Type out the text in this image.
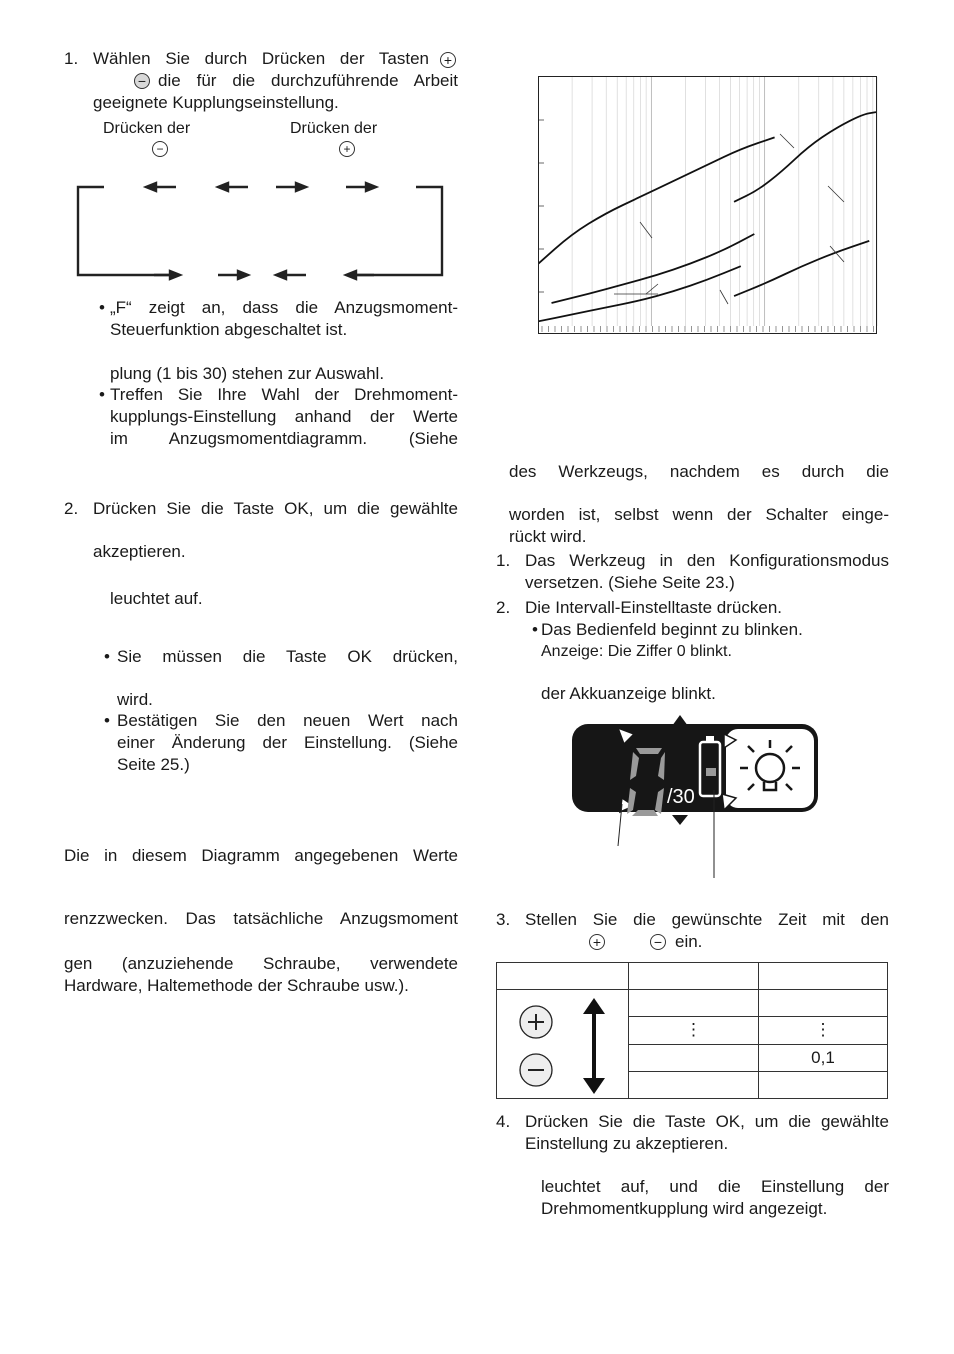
1. Wählen Sie durch Drücken der Tasten +
− die für die durchzuführende Arbeit
geeignete Kupplungseinstellung.
Drücken der	Drücken der
−	+
• „F“ zeigt an, dass die Anzugsmoment-
Steuerfunktion abgeschaltet ist.
plung (1 bis 30) stehen zur Auswahl.
• Treffen Sie Ihre Wahl der Drehmoment-
kupplungs-Einstellung anhand der Werte
im Anzugsmomentdiagramm. (Siehe
2. Drücken Sie die Taste OK, um die gewählte
akzeptieren.
leuchtet auf.
• Sie müssen die Taste OK drücken,
wird.
• Bestätigen Sie den neuen Wert nach
einer Änderung der Einstellung. (Siehe
Seite 25.)
Die in diesem Diagramm angegebenen Werte
renzzwecken. Das tatsächliche Anzugsmoment
gen (anzuziehende Schraube, verwendete
Hardware, Haltemethode der Schraube usw.).
des Werkzeugs, nachdem es durch die
worden ist, selbst wenn der Schalter einge-
rückt wird.
1. Das Werkzeug in den Konfigurationsmodus
versetzen. (Siehe Seite 23.)
2. Die Intervall-Einstelltaste drücken.
• Das Bedienfeld beginnt zu blinken.
Anzeige: Die Ziffer 0 blinkt.
der Akkuanzeige blinkt.
/30
3. Stellen Sie die gewünschte Zeit mit den
+	− ein.

	⋮	⋮
		0,1

4. Drücken Sie die Taste OK, um die gewählte
Einstellung zu akzeptieren.
leuchtet auf, und die Einstellung der
Drehmomentkupplung wird angezeigt.
